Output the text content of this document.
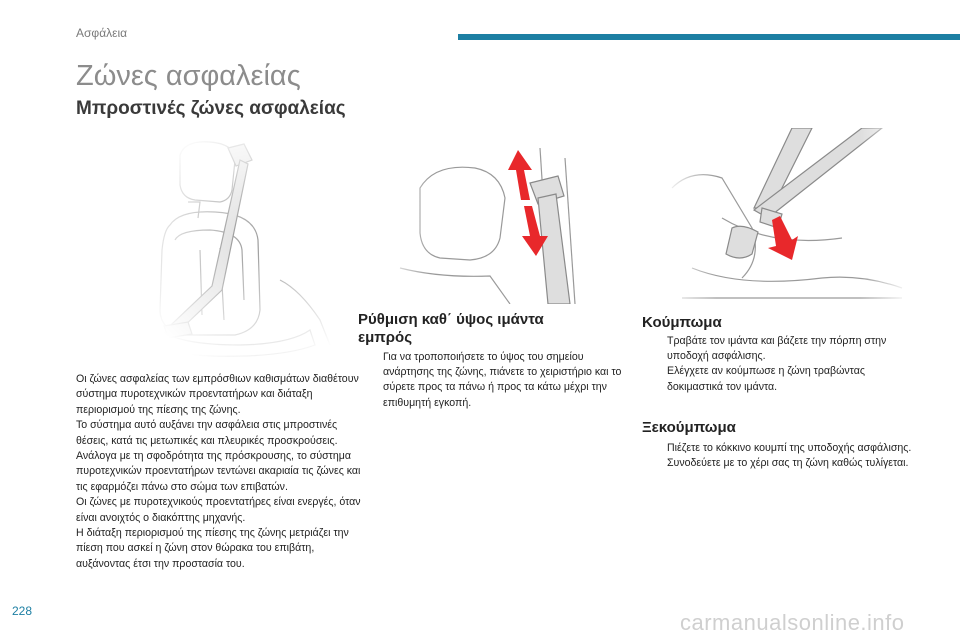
Ασφάλεια
Ζώνες ασφαλείας
Μπροστινές ζώνες ασφαλείας

Οι ζώνες ασφαλείας των εμπρόσθιων καθισμάτων διαθέτουν σύστημα πυροτεχνικών προεντατήρων και διάταξη περιορισμού της πίεσης της ζώνης.

Το σύστημα αυτό αυξάνει την ασφάλεια στις μπροστινές θέσεις, κατά τις μετωπικές και πλευρικές προσκρούσεις. Ανάλογα με τη σφοδρότητα της πρόσκρουσης, το σύστημα πυροτεχνικών προεντατήρων τεντώνει ακαριαία τις ζώνες και τις εφαρμόζει πάνω στο σώμα των επιβατών.

Οι ζώνες με πυροτεχνικούς προεντατήρες είναι ενεργές, όταν είναι ανοιχτός ο διακόπτης μηχανής.

Η διάταξη περιορισμού της πίεσης της ζώνης μετριάζει την πίεση που ασκεί η ζώνη στον θώρακα του επιβάτη, αυξάνοντας έτσι την προστασία του.

Ρύθμιση καθ΄ ύψος ιμάντα
εμπρός
Για να τροποποιήσετε το ύψος του σημείου ανάρτησης της ζώνης, πιάνετε το χειριστήριο και το σύρετε προς τα πάνω ή προς τα κάτω μέχρι την επιθυμητή εγκοπή.
Κούμπωμα
Τραβάτε τον ιμάντα και βάζετε την πόρπη στην υποδοχή ασφάλισης.
Ελέγχετε αν κούμπωσε η ζώνη τραβώντας δοκιμαστικά τον ιμάντα.
Ξεκούμπωμα
Πιέζετε το κόκκινο κουμπί της υποδοχής ασφάλισης.
Συνοδεύετε με το χέρι σας τη ζώνη καθώς τυλίγεται.
228	carmanualsonline.info
